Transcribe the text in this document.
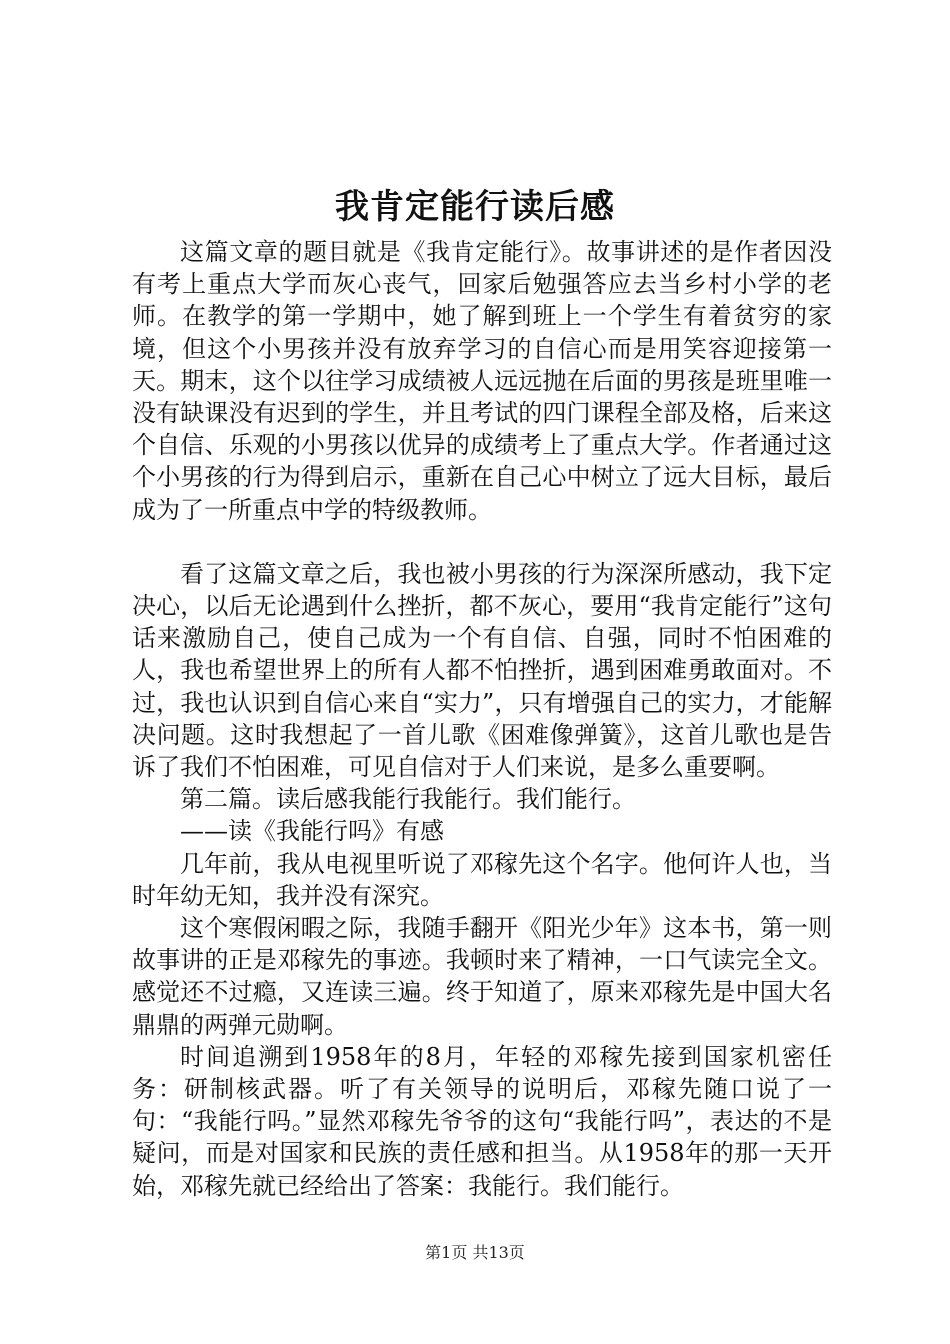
我肯定能行读后感

这篇文章的题目就是《我肯定能行》。故事讲述的是作者因没有考上重点大学而灰心丧气，回家后勉强答应去当乡村小学的老师。在教学的第一学期中，她了解到班上一个学生有着贫穷的家境，但这个小男孩并没有放弃学习的自信心而是用笑容迎接第一天。期末，这个以往学习成绩被人远远抛在后面的男孩是班里唯一没有缺课没有迟到的学生，并且考试的四门课程全部及格，后来这个自信、乐观的小男孩以优异的成绩考上了重点大学。作者通过这个小男孩的行为得到启示，重新在自己心中树立了远大目标，最后成为了一所重点中学的特级教师。

看了这篇文章之后，我也被小男孩的行为深深所感动，我下定决心，以后无论遇到什么挫折，都不灰心，要用“我肯定能行”这句话来激励自己，使自己成为一个有自信、自强，同时不怕困难的人，我也希望世界上的所有人都不怕挫折，遇到困难勇敢面对。不过，我也认识到自信心来自“实力”，只有增强自己的实力，才能解决问题。这时我想起了一首儿歌《困难像弹簧》，这首儿歌也是告诉了我们不怕困难，可见自信对于人们来说，是多么重要啊。

第二篇。读后感我能行我能行。我们能行。

——读《我能行吗》有感

几年前，我从电视里听说了邓稼先这个名字。他何许人也，当时年幼无知，我并没有深究。

这个寒假闲暇之际，我随手翻开《阳光少年》这本书，第一则故事讲的正是邓稼先的事迹。我顿时来了精神，一口气读完全文。感觉还不过瘾，又连读三遍。终于知道了，原来邓稼先是中国大名鼎鼎的两弹元勋啊。

时间追溯到1958年的8月，年轻的邓稼先接到国家机密任务：研制核武器。听了有关领导的说明后，邓稼先随口说了一句：“我能行吗。”显然邓稼先爷爷的这句“我能行吗”，表达的不是疑问，而是对国家和民族的责任感和担当。从1958年的那一天开始，邓稼先就已经给出了答案：我能行。我们能行。

第1页 共13页
